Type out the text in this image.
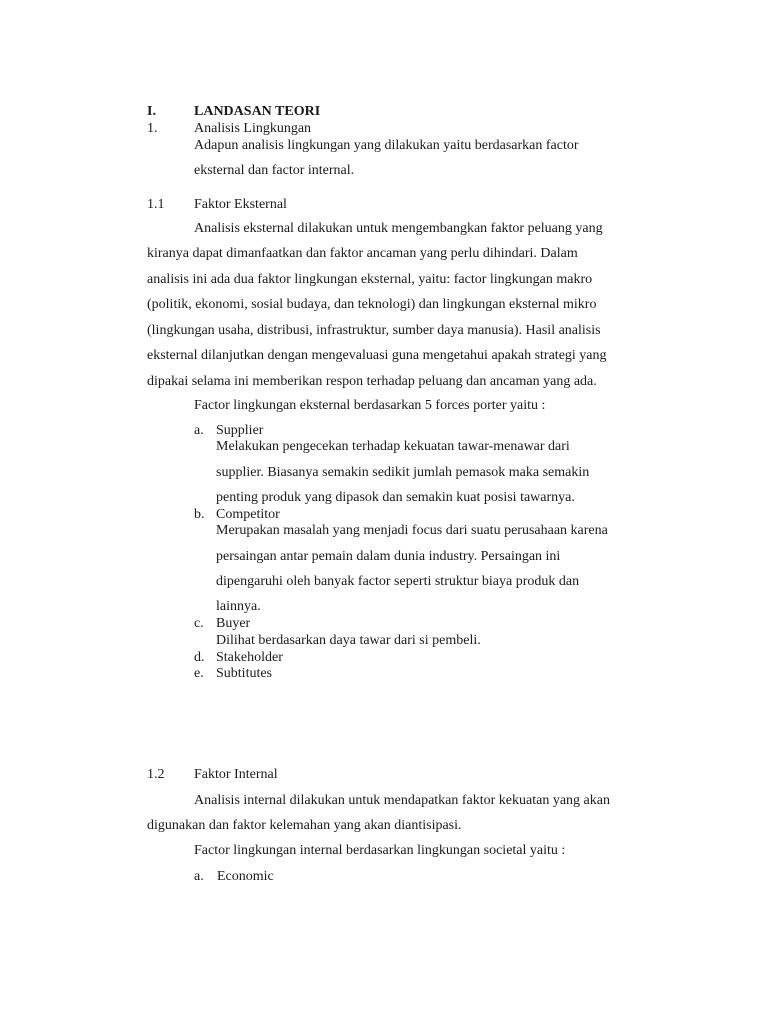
I.	LANDASAN TEORI
1.	Analisis Lingkungan
Adapun analisis lingkungan yang dilakukan yaitu berdasarkan factor
eksternal dan factor internal.
1.1 Faktor Eksternal
Analisis eksternal dilakukan untuk mengembangkan faktor peluang yang
kiranya dapat dimanfaatkan dan faktor ancaman yang perlu dihindari. Dalam
analisis ini ada dua faktor lingkungan eksternal, yaitu: factor lingkungan makro
(politik, ekonomi, sosial budaya, dan teknologi) dan lingkungan eksternal mikro
(lingkungan usaha, distribusi, infrastruktur, sumber daya manusia). Hasil analisis
eksternal dilanjutkan dengan mengevaluasi guna mengetahui apakah strategi yang
dipakai selama ini memberikan respon terhadap peluang dan ancaman yang ada.
Factor lingkungan eksternal berdasarkan 5 forces porter yaitu :
a. Supplier
Melakukan pengecekan terhadap kekuatan tawar-menawar dari
supplier. Biasanya semakin sedikit jumlah pemasok maka semakin
penting produk yang dipasok dan semakin kuat posisi tawarnya.
b. Competitor
Merupakan masalah yang menjadi focus dari suatu perusahaan karena
persaingan antar pemain dalam dunia industry. Persaingan ini
dipengaruhi oleh banyak factor seperti struktur biaya produk dan
lainnya.
c. Buyer
Dilihat berdasarkan daya tawar dari si pembeli.
d. Stakeholder
e. Subtitutes
1.2 Faktor Internal
Analisis internal dilakukan untuk mendapatkan faktor kekuatan yang akan
digunakan dan faktor kelemahan yang akan diantisipasi.
Factor lingkungan internal berdasarkan lingkungan societal yaitu :
a. Economic
